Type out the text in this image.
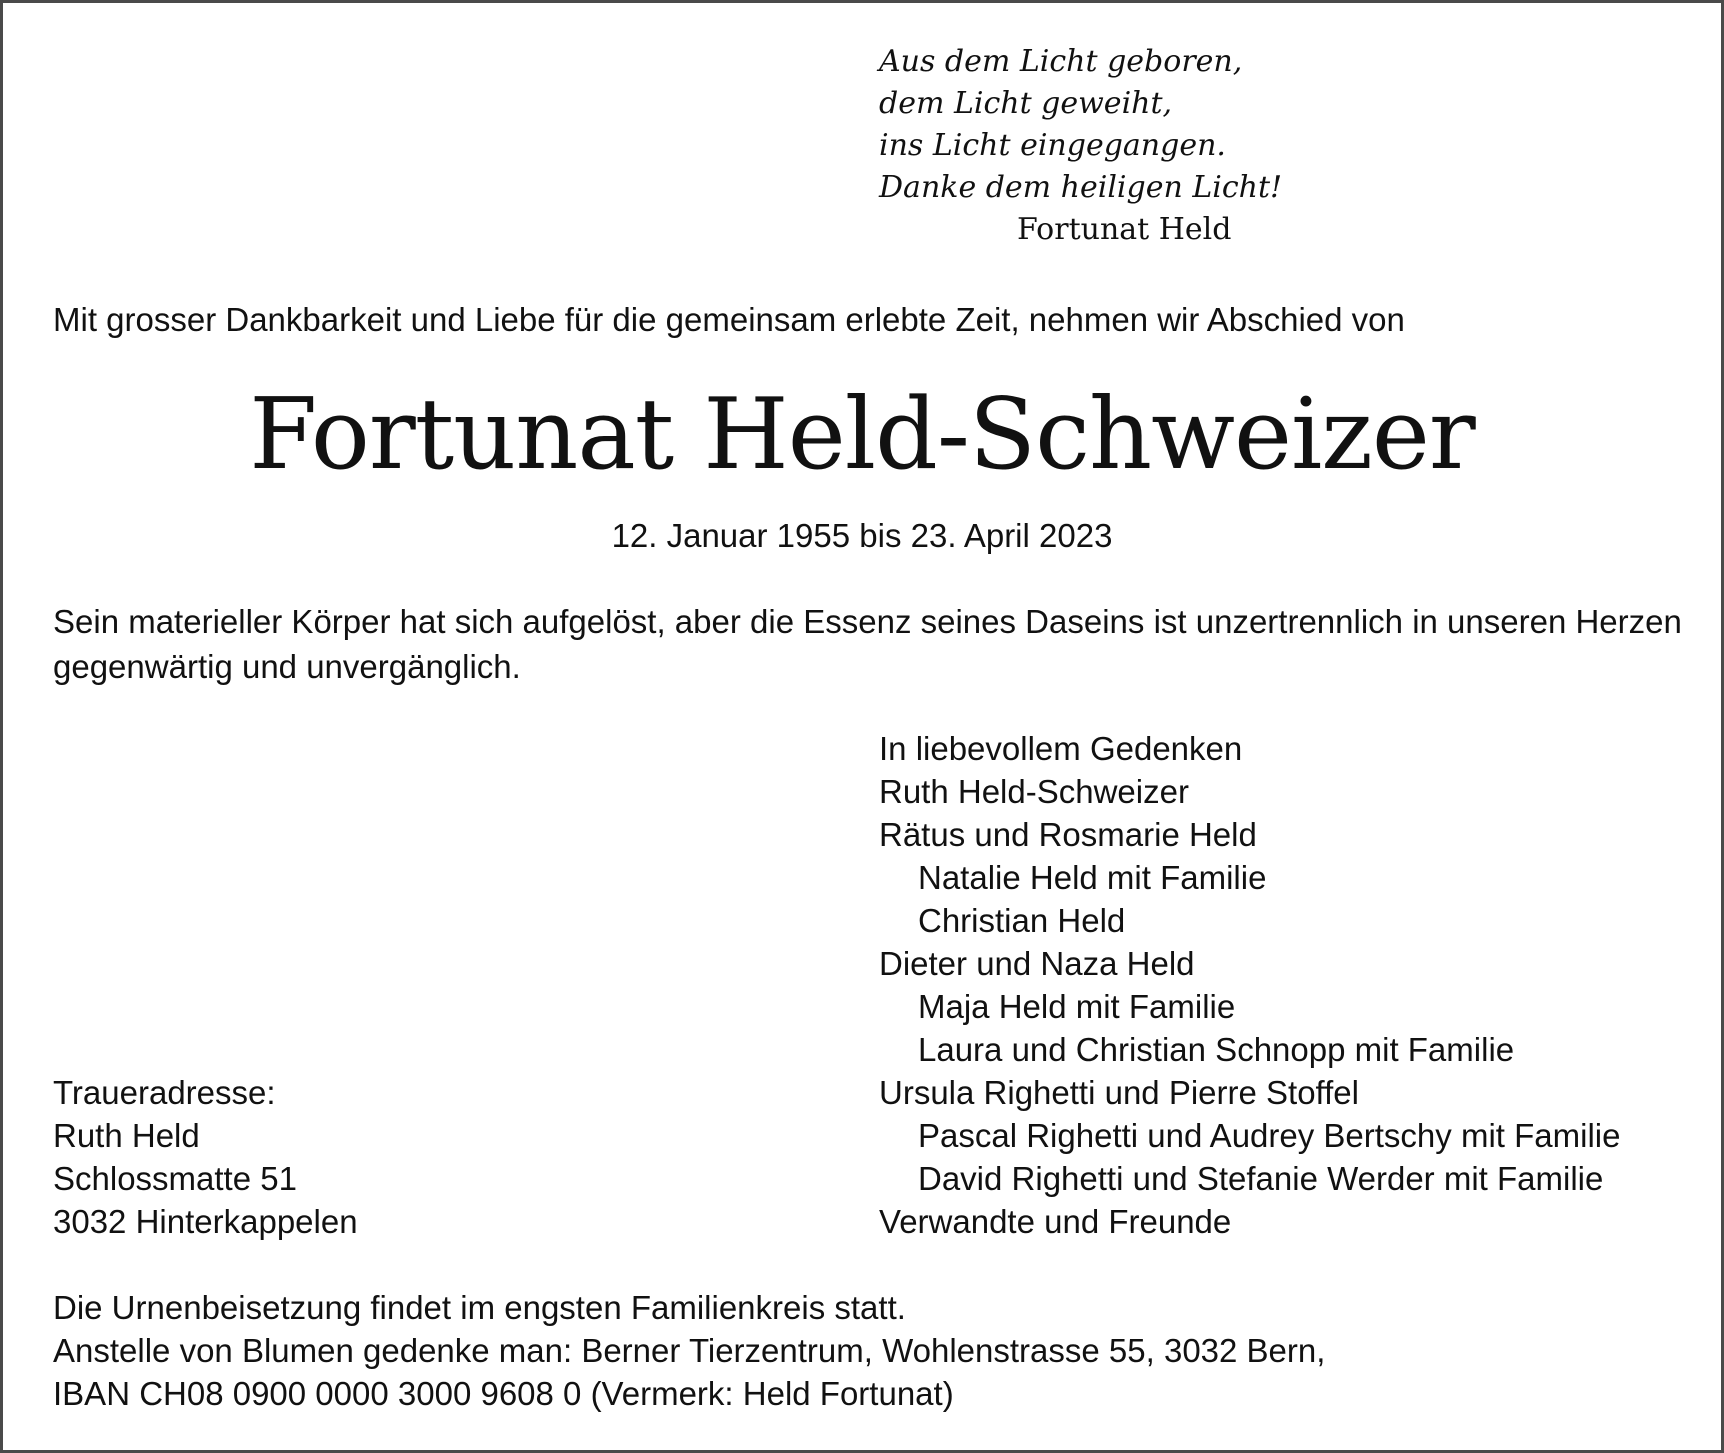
Aus dem Licht geboren,
dem Licht geweiht,
ins Licht eingegangen.
Danke dem heiligen Licht!
Fortunat Held
Mit grosser Dankbarkeit und Liebe für die gemeinsam erlebte Zeit, nehmen wir Abschied von
Fortunat Held-Schweizer
12. Januar 1955 bis 23. April 2023
Sein materieller Körper hat sich aufgelöst, aber die Essenz seines Daseins ist unzertrennlich in unseren Herzen gegenwärtig und unvergänglich.
In liebevollem Gedenken
Ruth Held-Schweizer
Rätus und Rosmarie Held
Natalie Held mit Familie
Christian Held
Dieter und Naza Held
Maja Held mit Familie
Laura und Christian Schnopp mit Familie
Ursula Righetti und Pierre Stoffel
Pascal Righetti und Audrey Bertschy mit Familie
David Righetti und Stefanie Werder mit Familie
Verwandte und Freunde
Traueradresse:
Ruth Held
Schlossmatte 51
3032 Hinterkappelen
Die Urnenbeisetzung findet im engsten Familienkreis statt.
Anstelle von Blumen gedenke man: Berner Tierzentrum, Wohlenstrasse 55, 3032 Bern,
IBAN CH08 0900 0000 3000 9608 0 (Vermerk: Held Fortunat)
